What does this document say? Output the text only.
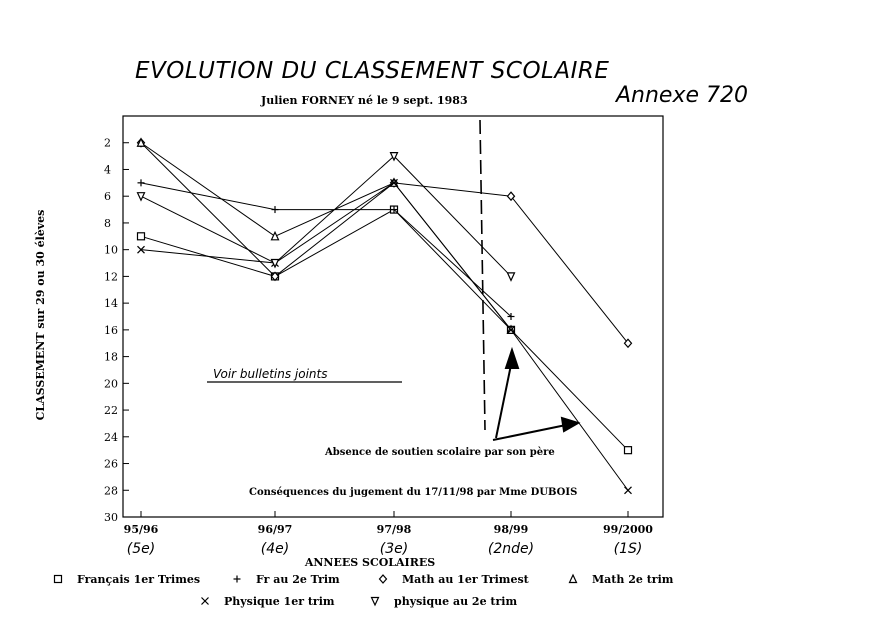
EVOLUTION DU CLASSEMENT SCOLAIRE
Julien FORNEY né le 9 sept. 1983	Annexe 720
CLASSEMENT sur 29 ou 30 élèves
2
4
6
8
10
12
14
16
18
20
22
24
26
28
30
95/96
(5e)
96/97
(4e)
97/98
(3e)
98/99
(2nde)
99/2000
(1S)
ANNEES SCOLAIRES
Voir bulletins joints
Absence de soutien scolaire par son père
Conséquences du jugement du 17/11/98 par Mme DUBOIS
Français 1er Trimes	Fr au 2e Trim	Math au 1er Trimest	Math 2e trim
Physique 1er trim	physique au 2e trim
